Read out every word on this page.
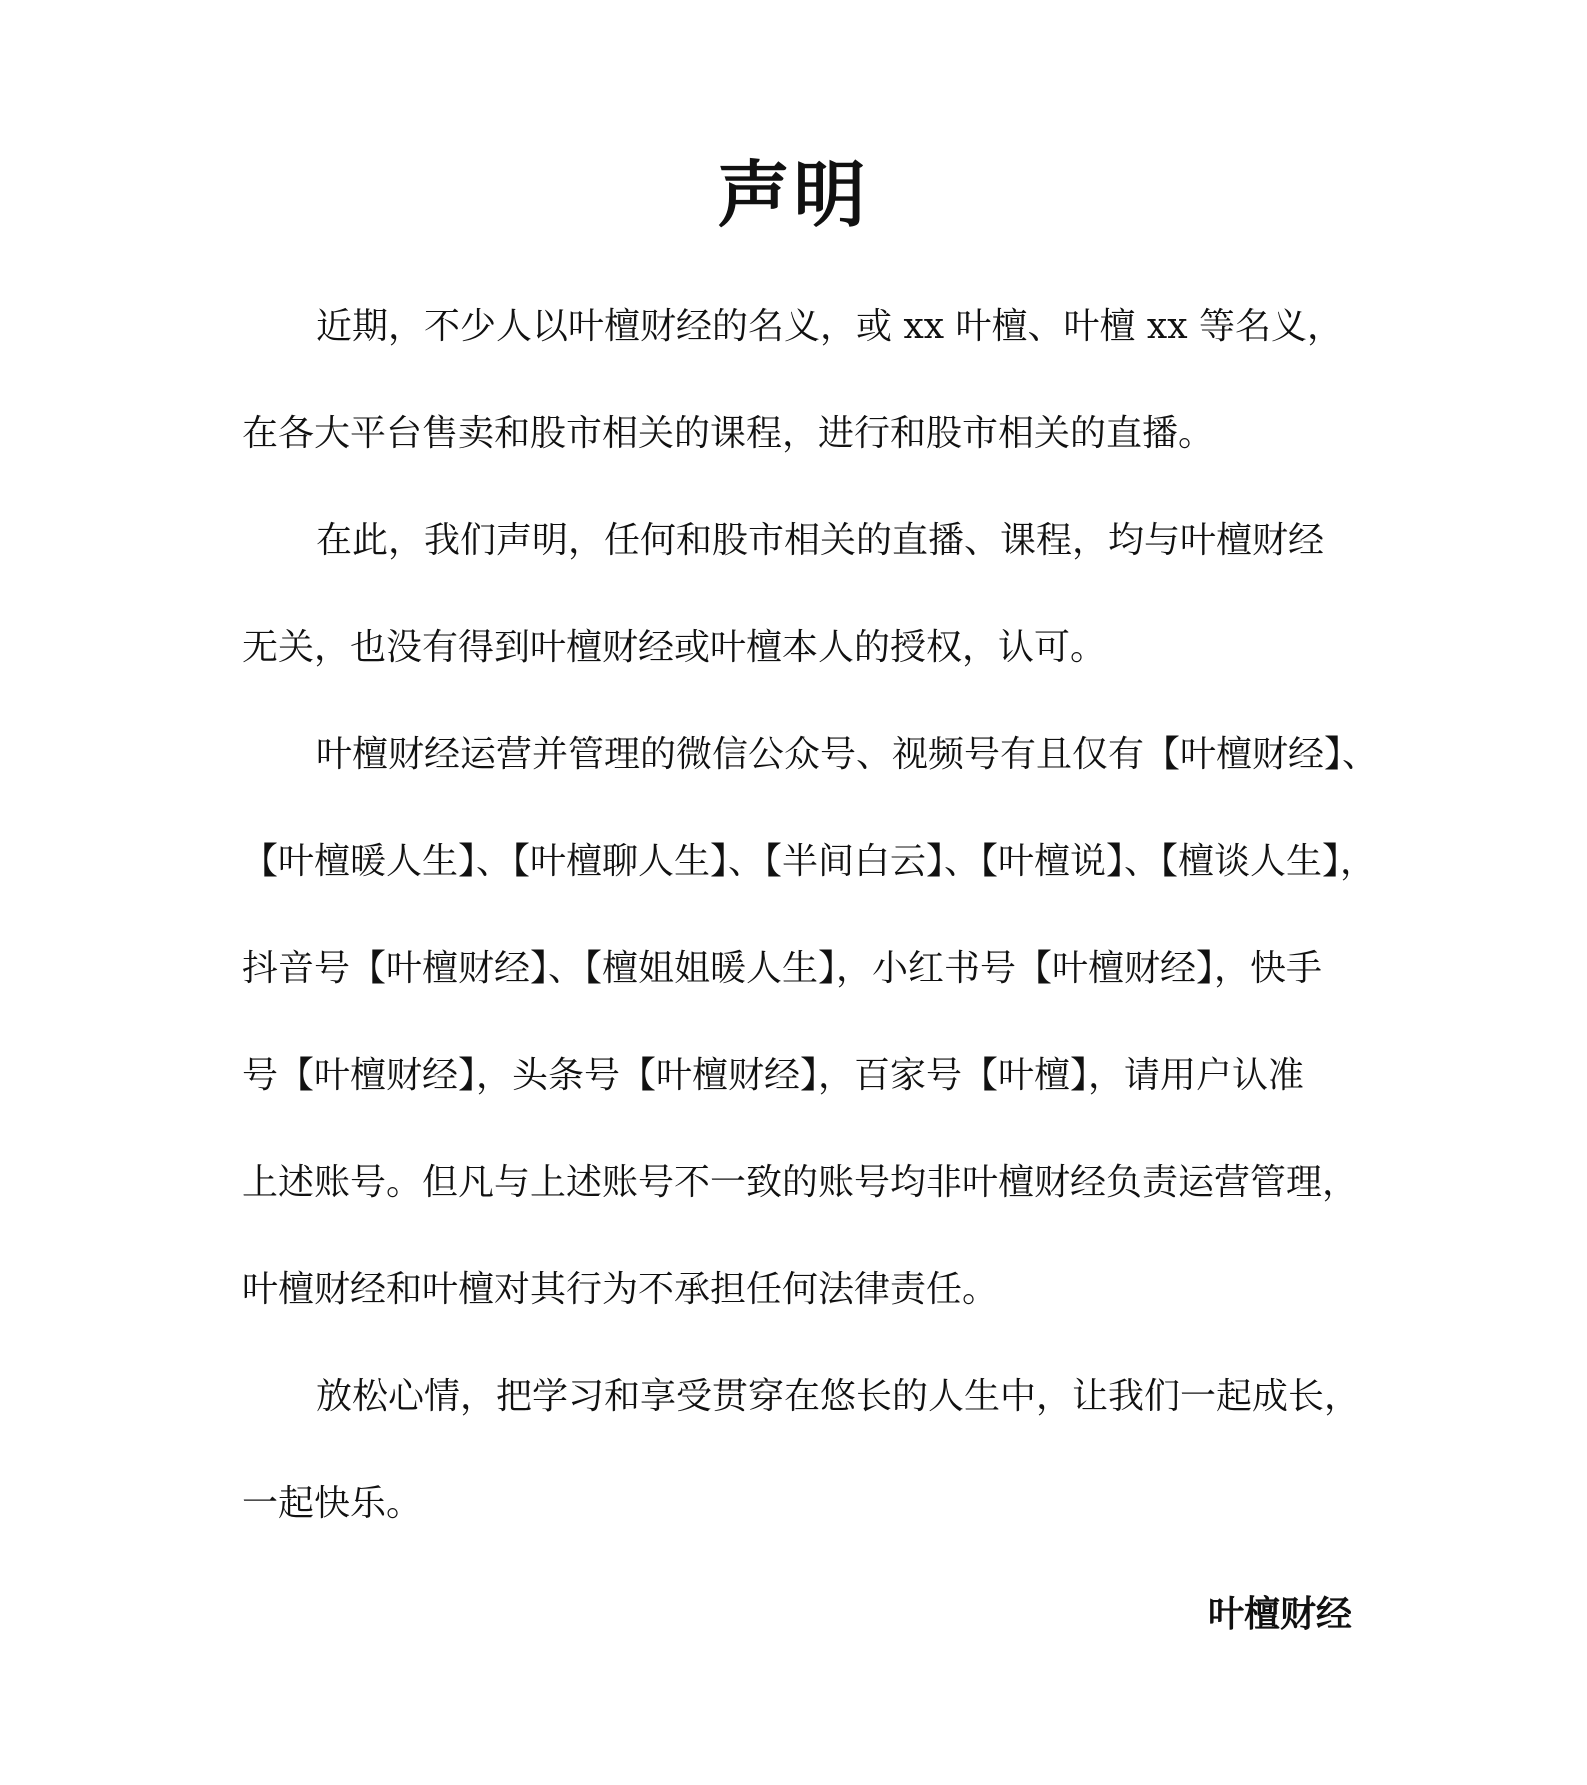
声明

近期，不少人以叶檀财经的名义，或 xx 叶檀、叶檀 xx 等名义，

在各大平台售卖和股市相关的课程，进行和股市相关的直播。

在此，我们声明，任何和股市相关的直播、课程，均与叶檀财经

无关，也没有得到叶檀财经或叶檀本人的授权，认可。

叶檀财经运营并管理的微信公众号、视频号有且仅有【叶檀财经】、

【叶檀暖人生】、【叶檀聊人生】、【半间白云】、【叶檀说】、【檀谈人生】，

抖音号【叶檀财经】、【檀姐姐暖人生】，小红书号【叶檀财经】，快手

号【叶檀财经】，头条号【叶檀财经】，百家号【叶檀】，请用户认准

上述账号。但凡与上述账号不一致的账号均非叶檀财经负责运营管理，

叶檀财经和叶檀对其行为不承担任何法律责任。

放松心情，把学习和享受贯穿在悠长的人生中，让我们一起成长，

一起快乐。

叶檀财经
